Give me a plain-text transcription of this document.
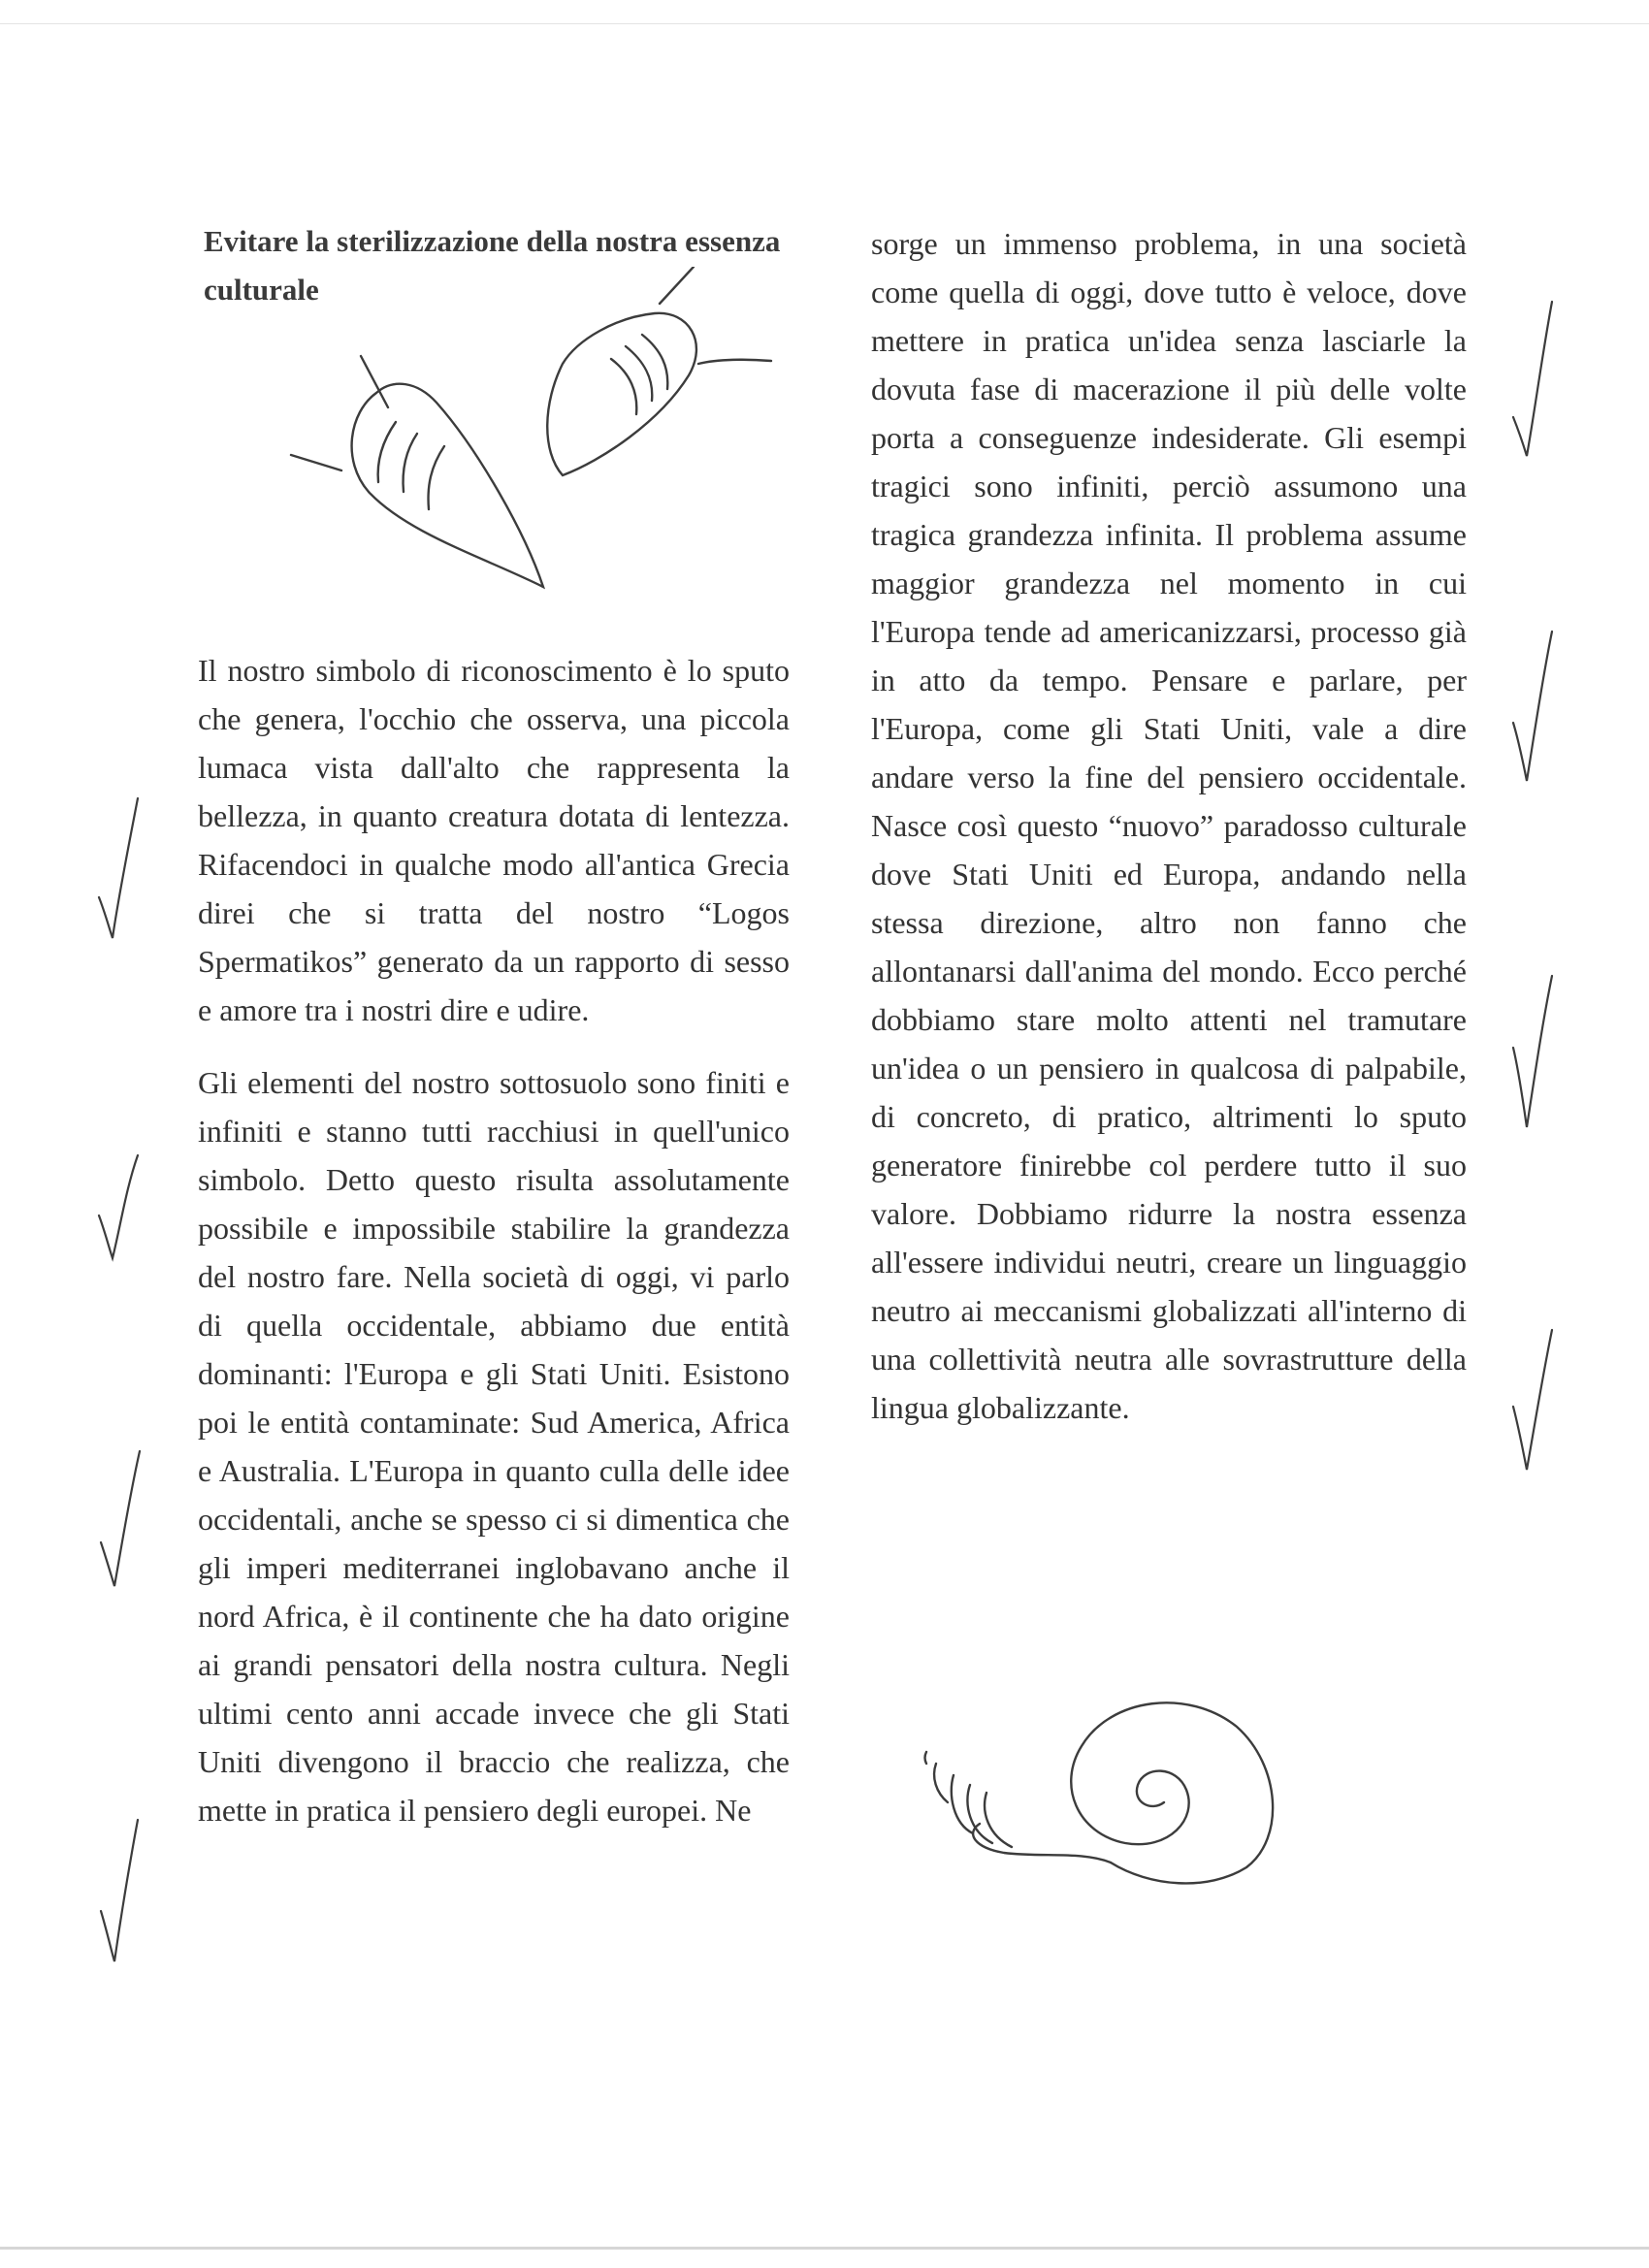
Evitare la sterilizzazione della nostra essenza culturale

Il nostro simbolo di riconoscimento è lo sputo che genera, l'occhio che osserva, una piccola lumaca vista dall'alto che rappresenta la bellezza, in quanto creatura dotata di lentezza. Rifacendoci in qualche modo all'antica Grecia direi che si tratta del nostro “Logos Spermatikos” generato da un rapporto di sesso e amore tra i nostri dire e udire.

Gli elementi del nostro sottosuolo sono finiti e infiniti e stanno tutti racchiusi in quell'unico simbolo. Detto questo risulta assolutamente possibile e impossibile stabilire la grandezza del nostro fare. Nella società di oggi, vi parlo di quella occidentale, abbiamo due entità dominanti: l'Europa e gli Stati Uniti. Esistono poi le entità contaminate: Sud America, Africa e Australia. L'Europa in quanto culla delle idee occidentali, anche se spesso ci si dimentica che gli imperi mediterranei inglobavano anche il nord Africa, è il continente che ha dato origine ai grandi pensatori della nostra cultura. Negli ultimi cento anni accade invece che gli Stati Uniti divengono il braccio che realizza, che mette in pratica il pensiero degli europei. Ne

sorge un immenso problema, in una società come quella di oggi, dove tutto è veloce, dove mettere in pratica un'idea senza lasciarle la dovuta fase di macerazione il più delle volte porta a conseguenze indesiderate. Gli esempi tragici sono infiniti, perciò assumono una tragica grandezza infinita. Il problema assume maggior grandezza nel momento in cui l'Europa tende ad americanizzarsi, processo già in atto da tempo. Pensare e parlare, per l'Europa, come gli Stati Uniti, vale a dire andare verso la fine del pensiero occidentale. Nasce così questo “nuovo” paradosso culturale dove Stati Uniti ed Europa, andando nella stessa direzione, altro non fanno che allontanarsi dall'anima del mondo. Ecco perché dobbiamo stare molto attenti nel tramutare un'idea o un pensiero in qualcosa di palpabile, di concreto, di pratico, altrimenti lo sputo generatore finirebbe col perdere tutto il suo valore. Dobbiamo ridurre la nostra essenza all'essere individui neutri, creare un linguaggio neutro ai meccanismi globalizzati all'interno di una collettività neutra alle sovrastrutture della lingua globalizzante.
